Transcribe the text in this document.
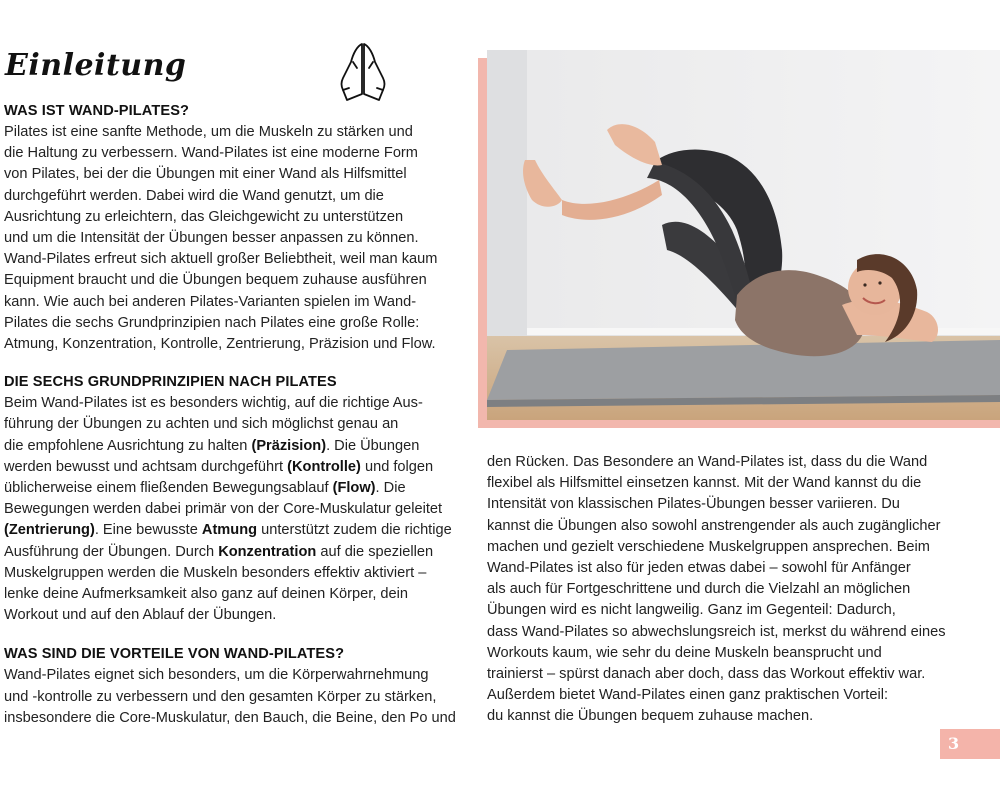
Einleitung
WAS IST WAND-PILATES?

Pilates ist eine sanfte Methode, um die Muskeln zu stärken und
die Haltung zu verbessern. Wand-Pilates ist eine moderne Form
von Pilates, bei der die Übungen mit einer Wand als Hilfsmittel
durchgeführt werden. Dabei wird die Wand genutzt, um die
Ausrichtung zu erleichtern, das Gleichgewicht zu unterstützen
und um die Intensität der Übungen besser anpassen zu können.
Wand-Pilates erfreut sich aktuell großer Beliebtheit, weil man kaum
Equipment braucht und die Übungen bequem zuhause ausführen
kann. Wie auch bei anderen Pilates-Varianten spielen im Wand-
Pilates die sechs Grundprinzipien nach Pilates eine große Rolle:
Atmung, Konzentration, Kontrolle, Zentrierung, Präzision und Flow.

DIE SECHS GRUNDPRINZIPIEN NACH PILATES

Beim Wand-Pilates ist es besonders wichtig, auf die richtige Aus-
führung der Übungen zu achten und sich möglichst genau an
die empfohlene Ausrichtung zu halten (Präzision). Die Übungen
werden bewusst und achtsam durchgeführt (Kontrolle) und folgen
üblicherweise einem fließenden Bewegungsablauf (Flow). Die
Bewegungen werden dabei primär von der Core-Muskulatur geleitet
(Zentrierung). Eine bewusste Atmung unterstützt zudem die richtige
Ausführung der Übungen. Durch Konzentration auf die speziellen
Muskelgruppen werden die Muskeln besonders effektiv aktiviert –
lenke deine Aufmerksamkeit also ganz auf deinen Körper, dein
Workout und auf den Ablauf der Übungen.

WAS SIND DIE VORTEILE VON WAND-PILATES?

Wand-Pilates eignet sich besonders, um die Körperwahrnehmung
und -kontrolle zu verbessern und den gesamten Körper zu stärken,
insbesondere die Core-Muskulatur, den Bauch, die Beine, den Po und

den Rücken. Das Besondere an Wand-Pilates ist, dass du die Wand
flexibel als Hilfsmittel einsetzen kannst. Mit der Wand kannst du die
Intensität von klassischen Pilates-Übungen besser variieren. Du
kannst die Übungen also sowohl anstrengender als auch zugänglicher
machen und gezielt verschiedene Muskelgruppen ansprechen. Beim
Wand-Pilates ist also für jeden etwas dabei – sowohl für Anfänger
als auch für Fortgeschrittene und durch die Vielzahl an möglichen
Übungen wird es nicht langweilig. Ganz im Gegenteil: Dadurch,
dass Wand-Pilates so abwechslungsreich ist, merkst du während eines
Workouts kaum, wie sehr du deine Muskeln beansprucht und
trainierst – spürst danach aber doch, dass das Workout effektiv war.
Außerdem bietet Wand-Pilates einen ganz praktischen Vorteil:
du kannst die Übungen bequem zuhause machen.

3
